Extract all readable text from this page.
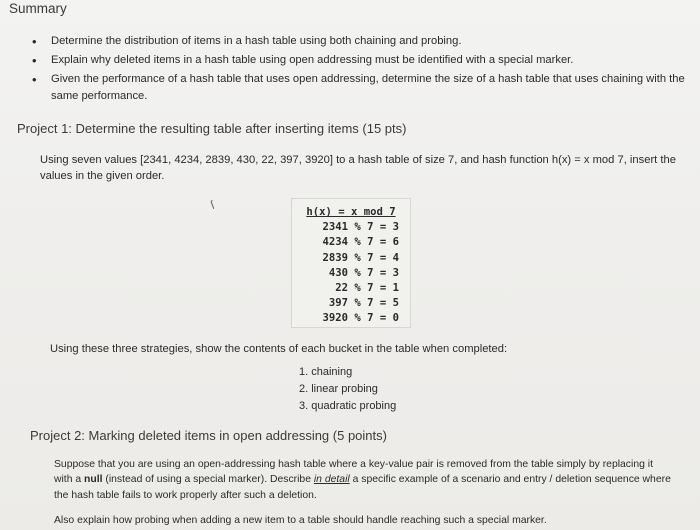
Summary
• Determine the distribution of items in a hash table using both chaining and probing.
• Explain why deleted items in a hash table using open addressing must be identified with a special marker.
• Given the performance of a hash table that uses open addressing, determine the size of a hash table that uses chaining with the same performance.
Project 1: Determine the resulting table after inserting items (15 pts)
Using seven values [2341, 4234, 2839, 430, 22, 397, 3920] to a hash table of size 7, and hash function h(x) = x mod 7, insert the values in the given order.
ſ	h(x) = x mod 7
2341 % 7 = 3
4234 % 7 = 6
2839 % 7 = 4
430 % 7 = 3
22 % 7 = 1
397 % 7 = 5
3920 % 7 = 0
Using these three strategies, show the contents of each bucket in the table when completed:
1. chaining
2. linear probing
3. quadratic probing
Project 2: Marking deleted items in open addressing (5 points)
Suppose that you are using an open-addressing hash table where a key-value pair is removed from the table simply by replacing it with a null (instead of using a special marker). Describe in detail a specific example of a scenario and entry / deletion sequence where the hash table fails to work properly after such a deletion.
Also explain how probing when adding a new item to a table should handle reaching such a special marker.
